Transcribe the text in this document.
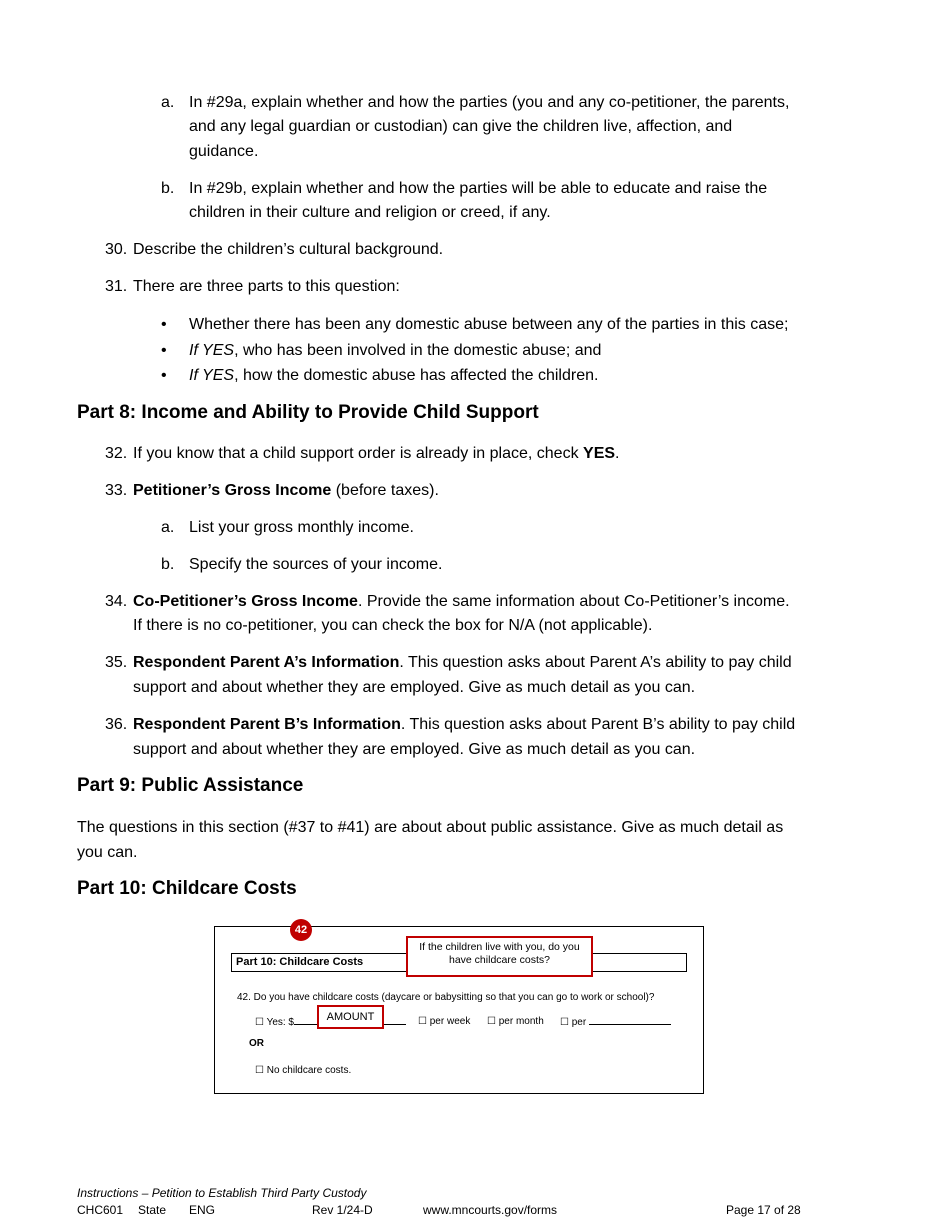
a. In #29a, explain whether and how the parties (you and any co-petitioner, the parents,
and any legal guardian or custodian) can give the children live, affection, and
guidance.
b. In #29b, explain whether and how the parties will be able to educate and raise the
children in their culture and religion or creed, if any.
30. Describe the children’s cultural background.
31. There are three parts to this question:
• Whether there has been any domestic abuse between any of the parties in this case;
• If YES, who has been involved in the domestic abuse; and
• If YES, how the domestic abuse has affected the children.
Part 8: Income and Ability to Provide Child Support
32. If you know that a child support order is already in place, check YES.
33. Petitioner’s Gross Income (before taxes).
a. List your gross monthly income.
b. Specify the sources of your income.
34. Co-Petitioner’s Gross Income. Provide the same information about Co-Petitioner’s income.
If there is no co-petitioner, you can check the box for N/A (not applicable).
35. Respondent Parent A’s Information. This question asks about Parent A’s ability to pay child
support and about whether they are employed. Give as much detail as you can.
36. Respondent Parent B’s Information. This question asks about Parent B’s ability to pay child
support and about whether they are employed. Give as much detail as you can.
Part 9: Public Assistance
The questions in this section (#37 to #41) are about about public assistance. Give as much detail as
you can.
Part 10: Childcare Costs
42
Part 10: Childcare Costs
If the children live with you, do you
have childcare costs?
42. Do you have childcare costs (daycare or babysitting so that you can go to work or school)?
☐ Yes: $	AMOUNT	☐ per week ☐ per month ☐ per
OR
☐ No childcare costs.
Instructions – Petition to Establish Third Party Custody
CHC601 State ENG	Rev 1/24-D	www.mncourts.gov/forms	Page 17 of 28
